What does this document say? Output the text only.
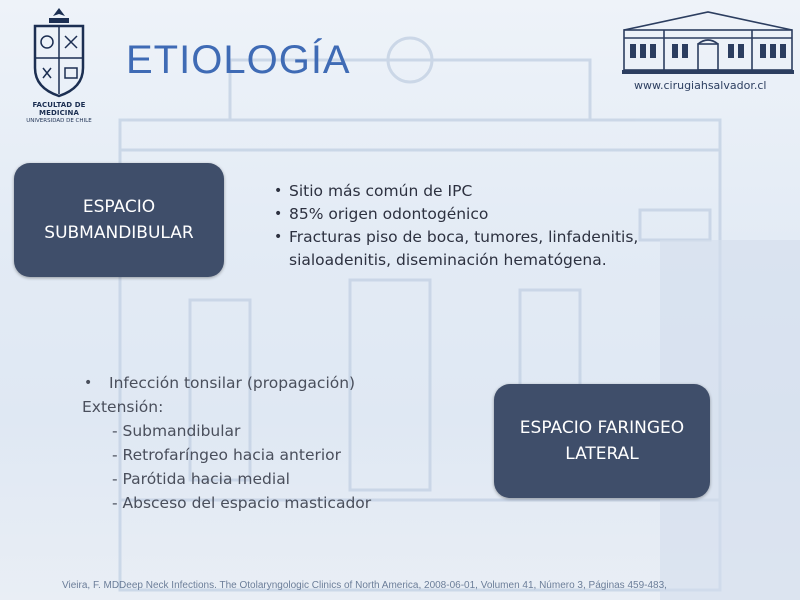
FACULTAD DE MEDICINA
UNIVERSIDAD DE CHILE
ETIOLOGÍA
www.cirugiahsalvador.cl
ESPACIO
SUBMANDIBULAR
• Sitio más común de IPC
• 85% origen odontogénico
• Fracturas piso de boca, tumores, linfadenitis,
sialoadenitis, diseminación hematógena.
• Infección tonsilar (propagación)
Extensión:
- Submandibular
- Retrofaríngeo hacia anterior
- Parótida hacia medial
- Absceso del espacio masticador
ESPACIO FARINGEO
LATERAL
Vieira, F. MDDeep Neck Infections. The Otolaryngologic Clinics of North America, 2008-06-01, Volumen 41, Número 3, Páginas 459-483,
